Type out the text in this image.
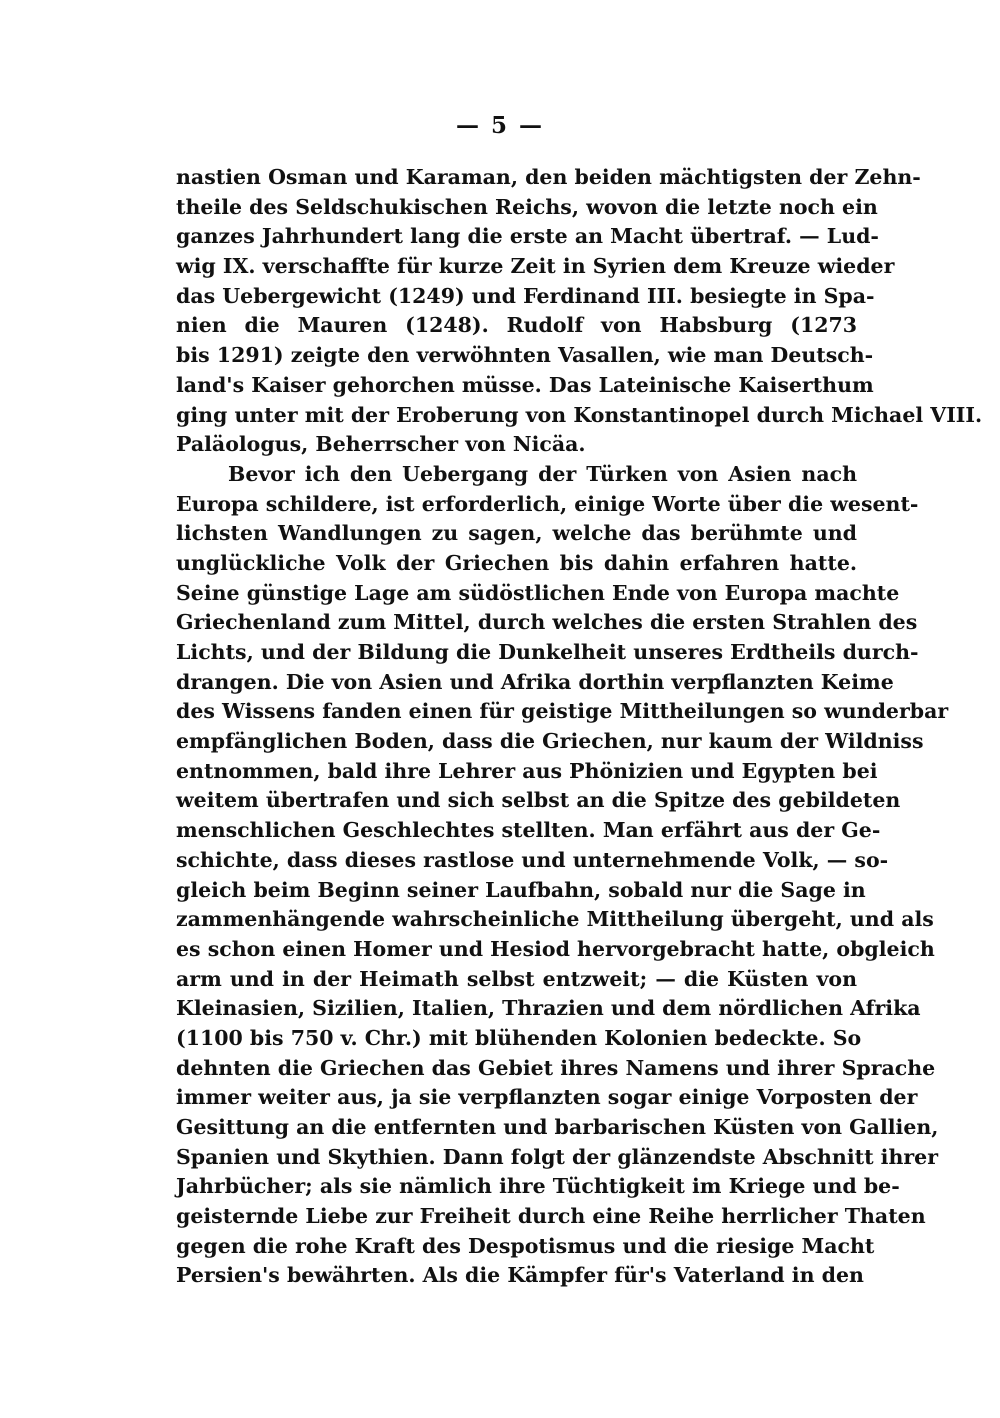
— 5 —
nastien Osman und Karaman, den beiden mächtigsten der Zehn-
theile des Seldschukischen Reichs, wovon die letzte noch ein
ganzes Jahrhundert lang die erste an Macht übertraf. — Lud-
wig IX. verschaffte für kurze Zeit in Syrien dem Kreuze wieder
das Uebergewicht (1249) und Ferdinand III. besiegte in Spa-
nien die Mauren (1248). Rudolf von Habsburg (1273
bis 1291) zeigte den verwöhnten Vasallen, wie man Deutsch-
land's Kaiser gehorchen müsse. Das Lateinische Kaiserthum
ging unter mit der Eroberung von Konstantinopel durch Michael VIII.
Paläologus, Beherrscher von Nicäa.
Bevor ich den Uebergang der Türken von Asien nach
Europa schildere, ist erforderlich, einige Worte über die wesent-
lichsten Wandlungen zu sagen, welche das berühmte und
unglückliche Volk der Griechen bis dahin erfahren hatte.
Seine günstige Lage am südöstlichen Ende von Europa machte
Griechenland zum Mittel, durch welches die ersten Strahlen des
Lichts, und der Bildung die Dunkelheit unseres Erdtheils durch-
drangen. Die von Asien und Afrika dorthin verpflanzten Keime
des Wissens fanden einen für geistige Mittheilungen so wunderbar
empfänglichen Boden, dass die Griechen, nur kaum der Wildniss
entnommen, bald ihre Lehrer aus Phönizien und Egypten bei
weitem übertrafen und sich selbst an die Spitze des gebildeten
menschlichen Geschlechtes stellten. Man erfährt aus der Ge-
schichte, dass dieses rastlose und unternehmende Volk, — so-
gleich beim Beginn seiner Laufbahn, sobald nur die Sage in
zammenhängende wahrscheinliche Mittheilung übergeht, und als
es schon einen Homer und Hesiod hervorgebracht hatte, obgleich
arm und in der Heimath selbst entzweit; — die Küsten von
Kleinasien, Sizilien, Italien, Thrazien und dem nördlichen Afrika
(1100 bis 750 v. Chr.) mit blühenden Kolonien bedeckte. So
dehnten die Griechen das Gebiet ihres Namens und ihrer Sprache
immer weiter aus, ja sie verpflanzten sogar einige Vorposten der
Gesittung an die entfernten und barbarischen Küsten von Gallien,
Spanien und Skythien. Dann folgt der glänzendste Abschnitt ihrer
Jahrbücher; als sie nämlich ihre Tüchtigkeit im Kriege und be-
geisternde Liebe zur Freiheit durch eine Reihe herrlicher Thaten
gegen die rohe Kraft des Despotismus und die riesige Macht
Persien's bewährten. Als die Kämpfer für's Vaterland in den
